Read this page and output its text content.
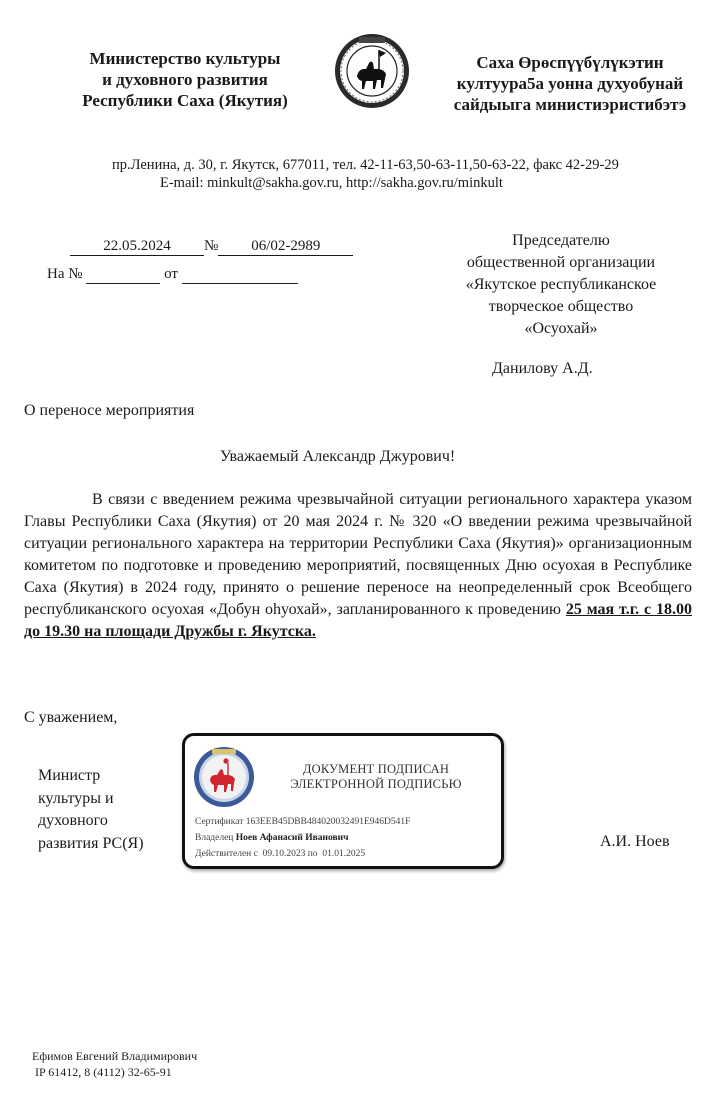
Министерство культуры
и духовного развития
Республики Саха (Якутия)
Саха Өрөспүүбүлүкэтин
култуура5а уонна духуобунай
сайдыыга министиэристибэтэ
пр.Ленина, д. 30, г. Якутск, 677011, тел. 42-11-63,50-63-11,50-63-22, факс 42-29-29
E-mail: minkult@sakha.gov.ru, http://sakha.gov.ru/minkult
22.05.2024 № 06/02-2989
На №	от
Председателю
общественной организации
«Якутское республиканское
творческое общество
«Осуохай»
Данилову А.Д.
О переносе мероприятия
Уважаемый Александр Джурович!
В связи с введением режима чрезвычайной ситуации регионального характера указом Главы Республики Саха (Якутия) от 20 мая 2024 г. № 320 «О введении режима чрезвычайной ситуации регионального характера на территории Республики Саха (Якутия)» организационным комитетом по подготовке и проведению мероприятий, посвященных Дню осуохая в Республике Саха (Якутия) в 2024 году, принято о решение переносе на неопределенный срок Всеобщего республиканского осуохая «Добун оһуохай», запланированного к проведению 25 мая т.г. с 18.00 до 19.30 на площади Дружбы г. Якутска.
С уважением,
Министр
культуры и
духовного
развития РС(Я)
ДОКУМЕНТ ПОДПИСАН
ЭЛЕКТРОННОЙ ПОДПИСЬЮ
Сертификат 163EEB45DBB484020032491E946D541F
Владелец Ноев Афанасий Иванович
Действителен с 09.10.2023 по 01.01.2025
А.И. Ноев
Ефимов Евгений Владимирович
IP 61412, 8 (4112) 32-65-91
